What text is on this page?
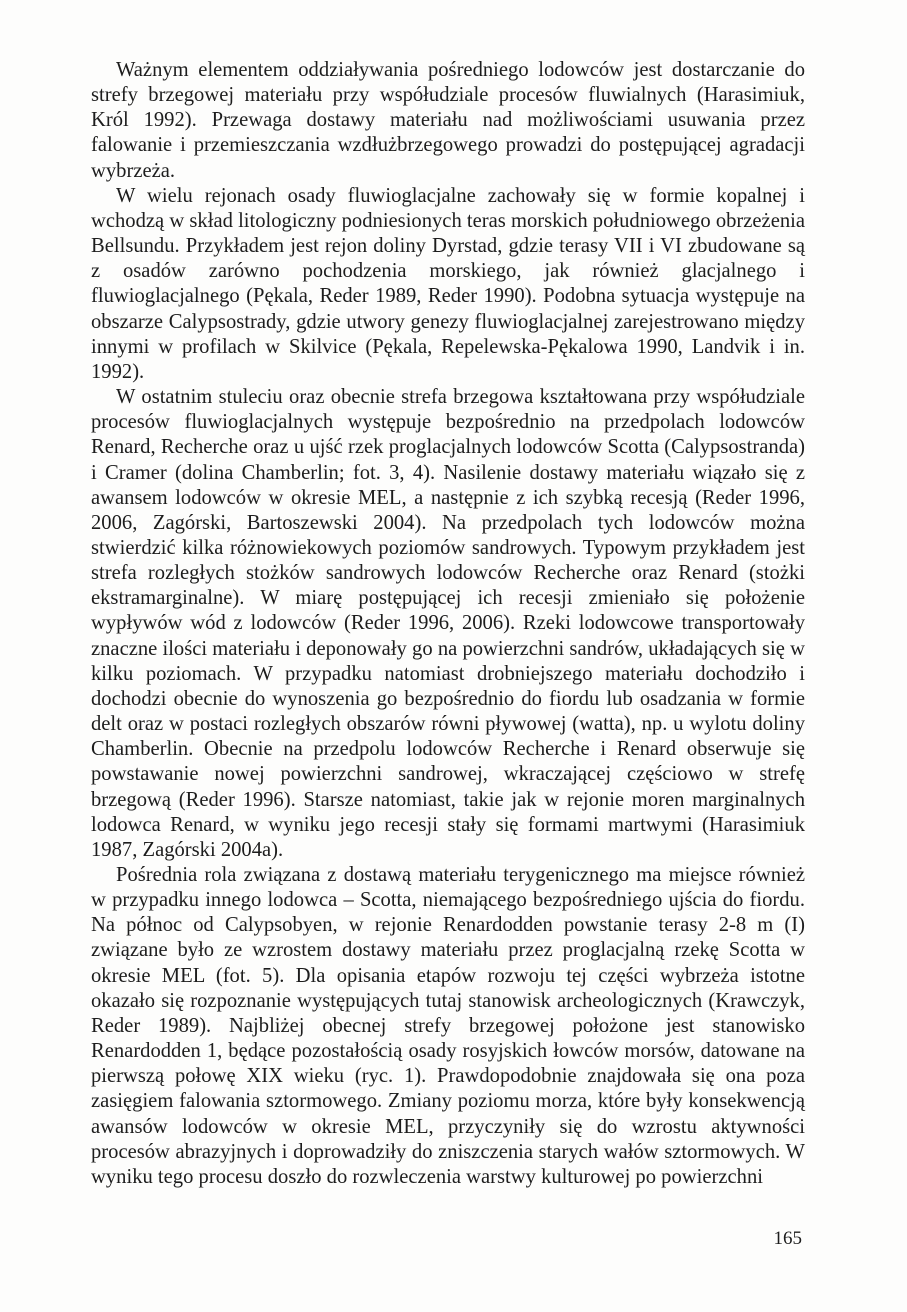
Ważnym elementem oddziaływania pośredniego lodowców jest dostarczanie do strefy brzegowej materiału przy współudziale procesów fluwialnych (Harasimiuk, Król 1992). Przewaga dostawy materiału nad możliwościami usuwania przez falowanie i przemieszczania wzdłużbrzegowego prowadzi do postępującej agradacji wybrzeża.

W wielu rejonach osady fluwioglacjalne zachowały się w formie kopalnej i wchodzą w skład litologiczny podniesionych teras morskich południowego obrzeżenia Bellsundu. Przykładem jest rejon doliny Dyrstad, gdzie terasy VII i VI zbudowane są z osadów zarówno pochodzenia morskiego, jak również glacjalnego i fluwioglacjalnego (Pękala, Reder 1989, Reder 1990). Podobna sytuacja występuje na obszarze Calypsostrady, gdzie utwory genezy fluwioglacjalnej zarejestrowano między innymi w profilach w Skilvice (Pękala, Repelewska-Pękalowa 1990, Landvik i in. 1992).

W ostatnim stuleciu oraz obecnie strefa brzegowa kształtowana przy współudziale procesów fluwioglacjalnych występuje bezpośrednio na przedpolach lodowców Renard, Recherche oraz u ujść rzek proglacjalnych lodowców Scotta (Calypsostranda) i Cramer (dolina Chamberlin; fot. 3, 4). Nasilenie dostawy materiału wiązało się z awansem lodowców w okresie MEL, a następnie z ich szybką recesją (Reder 1996, 2006, Zagórski, Bartoszewski 2004). Na przedpolach tych lodowców można stwierdzić kilka różnowiekowych poziomów sandrowych. Typowym przykładem jest strefa rozległych stożków sandrowych lodowców Recherche oraz Renard (stożki ekstramarginalne). W miarę postępującej ich recesji zmieniało się położenie wypływów wód z lodowców (Reder 1996, 2006). Rzeki lodowcowe transportowały znaczne ilości materiału i deponowały go na powierzchni sandrów, układających się w kilku poziomach. W przypadku natomiast drobniejszego materiału dochodziło i dochodzi obecnie do wynoszenia go bezpośrednio do fiordu lub osadzania w formie delt oraz w postaci rozległych obszarów równi pływowej (watta), np. u wylotu doliny Chamberlin. Obecnie na przedpolu lodowców Recherche i Renard obserwuje się powstawanie nowej powierzchni sandrowej, wkraczającej częściowo w strefę brzegową (Reder 1996). Starsze natomiast, takie jak w rejonie moren marginalnych lodowca Renard, w wyniku jego recesji stały się formami martwymi (Harasimiuk 1987, Zagórski 2004a).

Pośrednia rola związana z dostawą materiału terygenicznego ma miejsce również w przypadku innego lodowca – Scotta, niemającego bezpośredniego ujścia do fiordu. Na północ od Calypsobyen, w rejonie Renardodden powstanie terasy 2-8 m (I) związane było ze wzrostem dostawy materiału przez proglacjalną rzekę Scotta w okresie MEL (fot. 5). Dla opisania etapów rozwoju tej części wybrzeża istotne okazało się rozpoznanie występujących tutaj stanowisk archeologicznych (Krawczyk, Reder 1989). Najbliżej obecnej strefy brzegowej położone jest stanowisko Renardodden 1, będące pozostałością osady rosyjskich łowców morsów, datowane na pierwszą połowę XIX wieku (ryc. 1). Prawdopodobnie znajdowała się ona poza zasięgiem falowania sztormowego. Zmiany poziomu morza, które były konsekwencją awansów lodowców w okresie MEL, przyczyniły się do wzrostu aktywności procesów abrazyjnych i doprowadziły do zniszczenia starych wałów sztormowych. W wyniku tego procesu doszło do rozwleczenia warstwy kulturowej po powierzchni

165
